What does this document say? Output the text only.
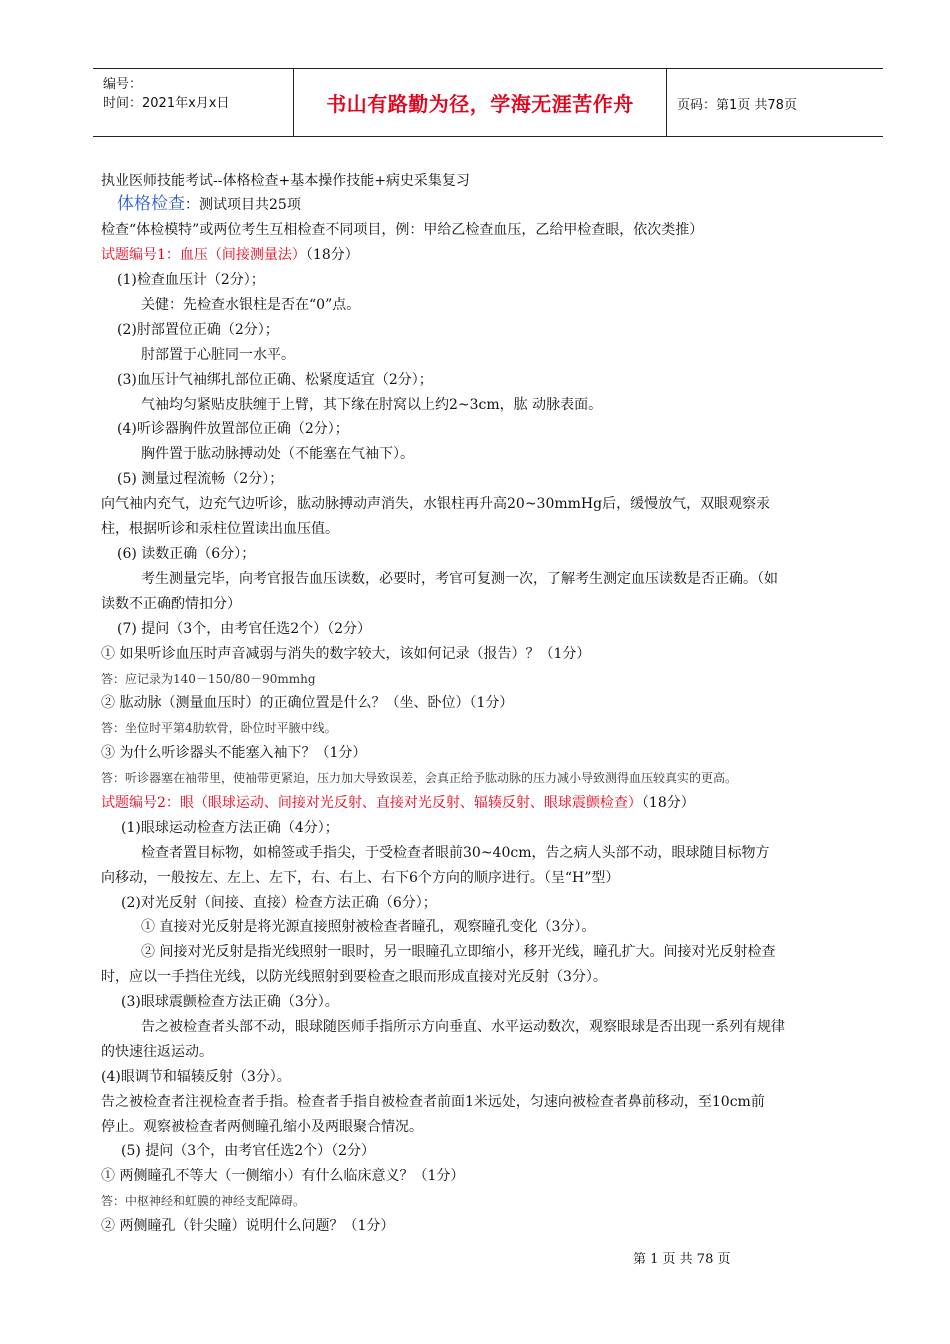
编号：
时间：2021年x月x日	书山有路勤为径，学海无涯苦作舟	页码：第1页 共78页
执业医师技能考试--体格检查+基本操作技能+病史采集复习
体格检查：测试项目共25项
检查“体检模特”或两位考生互相检查不同项目，例：甲给乙检查血压，乙给甲检查眼，依次类推）
试题编号1：血压（间接测量法）（18分）
(1)检查血压计（2分）；
关健：先检查水银柱是否在“0”点。
(2)肘部置位正确（2分）；
肘部置于心脏同一水平。
(3)血压计气袖绑扎部位正确、松紧度适宜（2分）；
气袖均匀紧贴皮肤缠于上臂，其下缘在肘窝以上约2~3cm，肱 动脉表面。
(4)听诊器胸件放置部位正确（2分）；
胸件置于肱动脉搏动处（不能塞在气袖下）。
(5) 测量过程流畅（2分）；
向气袖内充气，边充气边听诊，肱动脉搏动声消失，水银柱再升高20~30mmHg后，缓慢放气，双眼观察汞
柱，根据听诊和汞柱位置读出血压值。
(6) 读数正确（6分）；
考生测量完毕，向考官报告血压读数，必要时，考官可复测一次，了解考生测定血压读数是否正确。（如
读数不正确酌情扣分）
(7) 提问（3个，由考官任选2个）（2分）
① 如果听诊血压时声音减弱与消失的数字较大，该如何记录（报告）？（1分）
答：应记录为140－150/80－90mmhg
② 肱动脉（测量血压时）的正确位置是什么？（坐、卧位）（1分）
答：坐位时平第4肋软骨，卧位时平腋中线。
③ 为什么听诊器头不能塞入袖下？（1分）
答：听诊器塞在袖带里，使袖带更紧迫，压力加大导致误差，会真正给予肱动脉的压力减小导致测得血压较真实的更高。
试题编号2：眼（眼球运动、间接对光反射、直接对光反射、辐辏反射、眼球震颤检查）（18分）
(1)眼球运动检查方法正确（4分）；
检查者置目标物，如棉签或手指尖，于受检查者眼前30~40cm，告之病人头部不动，眼球随目标物方
向移动，一般按左、左上、左下，右、右上、右下6个方向的顺序进行。（呈“H”型）
(2)对光反射（间接、直接）检查方法正确（6分）；
① 直接对光反射是将光源直接照射被检查者瞳孔，观察瞳孔变化（3分）。
② 间接对光反射是指光线照射一眼时，另一眼瞳孔立即缩小，移开光线，瞳孔扩大。间接对光反射检查
时，应以一手挡住光线，以防光线照射到要检查之眼而形成直接对光反射（3分）。
(3)眼球震颤检查方法正确（3分）。
告之被检查者头部不动，眼球随医师手指所示方向垂直、水平运动数次，观察眼球是否出现一系列有规律
的快速往返运动。
(4)眼调节和辐辏反射（3分）。
告之被检查者注视检查者手指。检查者手指自被检查者前面1米远处，匀速向被检查者鼻前移动，至10cm前
停止。观察被检查者两侧瞳孔缩小及两眼聚合情况。
(5) 提问（3个，由考官任选2个）（2分）
① 两侧瞳孔不等大（一侧缩小）有什么临床意义？（1分）
答：中枢神经和虹膜的神经支配障碍。
② 两侧瞳孔（针尖瞳）说明什么问题？（1分）
第 1 页 共 78 页
